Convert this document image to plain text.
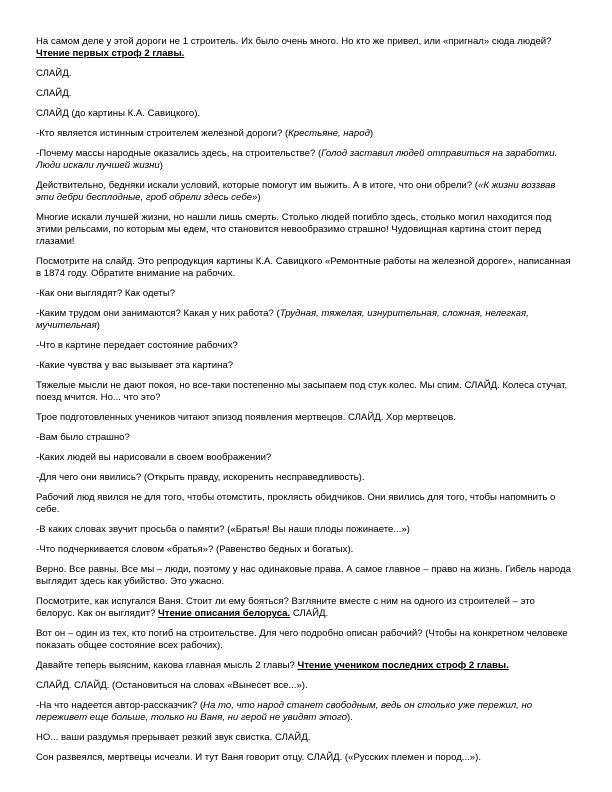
На самом деле у этой дороги не 1 строитель. Их было очень много. Но кто же привел, или «пригнал» сюда людей? Чтение первых строф 2 главы.

СЛАЙД.

СЛАЙД.

СЛАЙД (до картины К.А. Савицкого).

-Кто является истинным строителем железной дороги? (Крестьяне, народ)

-Почему массы народные оказались здесь, на строительстве? (Голод заставил людей отправиться на заработки. Люди искали лучшей жизни)

Действительно, бедняки искали условий, которые помогут им выжить. А в итоге, что они обрели? («К жизни воззвав эти дебри бесплодные, гроб обрели здесь себе»)

Многие искали лучшей жизни, но нашли лишь смерть. Столько людей погибло здесь, столько могил находится под этими рельсами, по которым мы едем, что становится невообразимо страшно! Чудовищная картина стоит перед глазами!

Посмотрите на слайд. Это репродукция картины К.А. Савицкого «Ремонтные работы на железной дороге», написанная в 1874 году. Обратите внимание на рабочих.

-Как они выглядят? Как одеты?

-Каким трудом они занимаются? Какая у них работа? (Трудная, тяжелая, изнурительная, сложная, нелегкая, мучительная)

-Что в картине передает состояние рабочих?

-Какие чувства у вас вызывает эта картина?

Тяжелые мысли не дают покоя, но все-таки постепенно мы засыпаем под стук колес. Мы спим. СЛАЙД. Колеса стучат, поезд мчится. Но... что это?

Трое подготовленных учеников читают эпизод появления мертвецов. СЛАЙД. Хор мертвецов.

-Вам было страшно?

-Каких людей вы нарисовали в своем воображении?

-Для чего они явились? (Открыть правду, искоренить несправедливость).

Рабочий люд явился не для того, чтобы отомстить, проклясть обидчиков. Они явились для того, чтобы напомнить о себе.

-В каких словах звучит просьба о памяти? («Братья! Вы наши плоды пожинаете...»)

-Что подчеркивается словом «братья»? (Равенство бедных и богатых).

Верно. Все равны. Все мы – люди, поэтому у нас одинаковые права. А самое главное – право на жизнь. Гибель народа выглядит здесь как убийство. Это ужасно.

Посмотрите, как испугался Ваня. Стоит ли ему бояться? Взгляните вместе с ним на одного из строителей – это белорус. Как он выглядит? Чтение описания белоруса. СЛАЙД.

Вот он – один из тех, кто погиб на строительстве. Для чего подробно описан рабочий? (Чтобы на конкретном человеке показать общее состояние всех рабочих).

Давайте теперь выясним, какова главная мысль 2 главы? Чтение учеником последних строф 2 главы.

СЛАЙД. СЛАЙД. (Остановиться на словах «Вынесет все...»).

-На что надеется автор-рассказчик? (На то, что народ станет свободным, ведь он столько уже пережил, но переживет еще больше, только ни Ваня, ни герой не увидят этого).

НО... ваши раздумья прерывает резкий звук свистка. СЛАЙД.

Сон развеялся, мертвецы исчезли. И тут Ваня говорит отцу. СЛАЙД. («Русских племен и пород...»).
